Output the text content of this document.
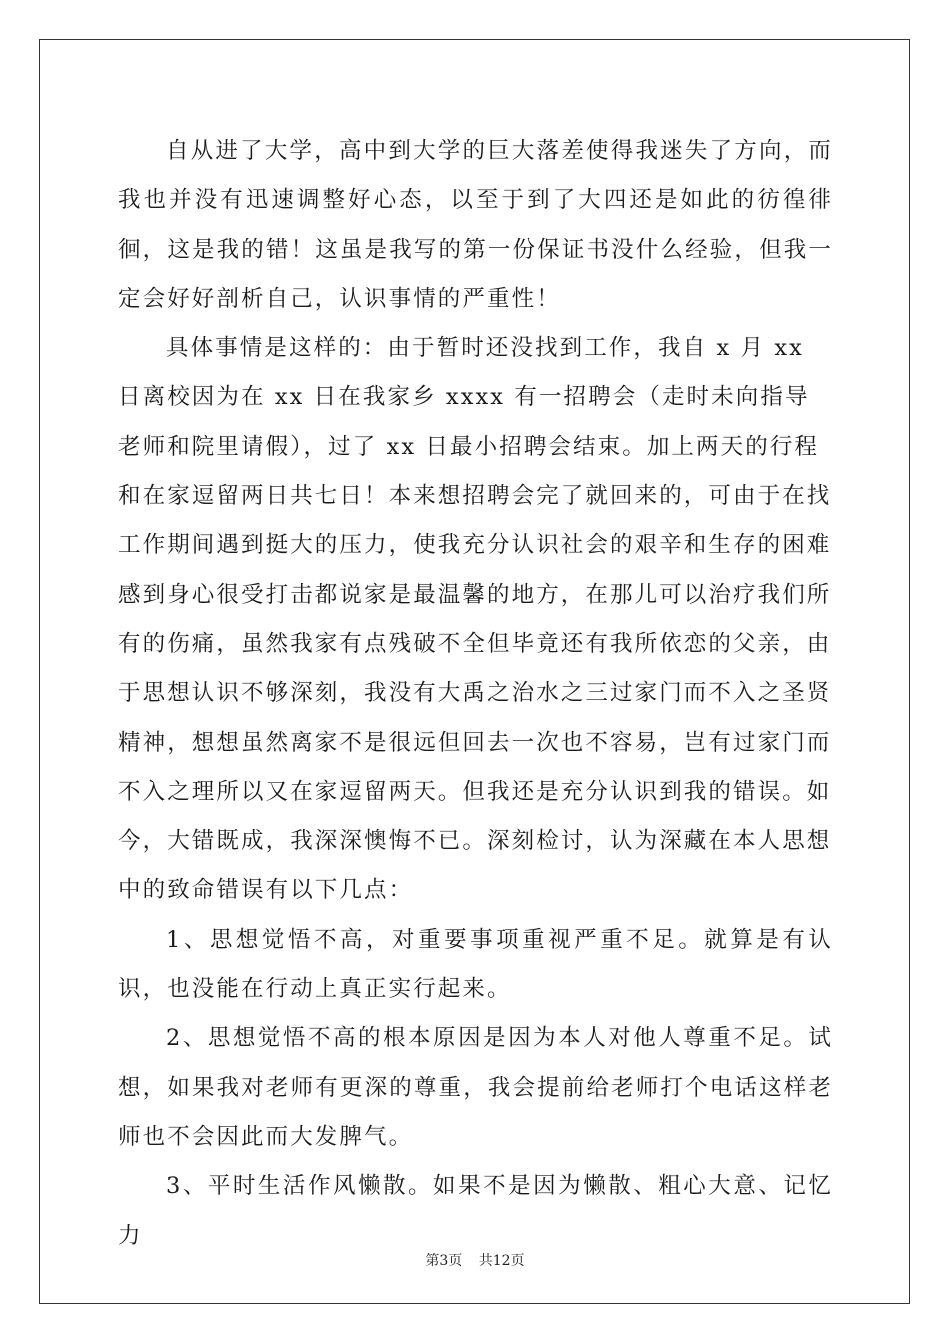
自从进了大学，高中到大学的巨大落差使得我迷失了方向，而我也并没有迅速调整好心态，以至于到了大四还是如此的彷徨徘徊，这是我的错！这虽是我写的第一份保证书没什么经验，但我一定会好好剖析自己，认识事情的严重性！

具体事情是这样的：由于暂时还没找到工作，我自 x 月 xx 日离校因为在 xx 日在我家乡 xxxx 有一招聘会（走时未向指导老师和院里请假），过了 xx 日最小招聘会结束。加上两天的行程和在家逗留两日共七日！本来想招聘会完了就回来的，可由于在找工作期间遇到挺大的压力，使我充分认识社会的艰辛和生存的困难感到身心很受打击都说家是最温馨的地方，在那儿可以治疗我们所有的伤痛，虽然我家有点残破不全但毕竟还有我所依恋的父亲，由于思想认识不够深刻，我没有大禹之治水之三过家门而不入之圣贤精神，想想虽然离家不是很远但回去一次也不容易，岂有过家门而不入之理所以又在家逗留两天。但我还是充分认识到我的错误。如今，大错既成，我深深懊悔不已。深刻检讨，认为深藏在本人思想中的致命错误有以下几点：

1、思想觉悟不高，对重要事项重视严重不足。就算是有认识，也没能在行动上真正实行起来。

2、思想觉悟不高的根本原因是因为本人对他人尊重不足。试想，如果我对老师有更深的尊重，我会提前给老师打个电话这样老师也不会因此而大发脾气。

3、平时生活作风懒散。如果不是因为懒散、粗心大意、记忆力

第3页 共12页
